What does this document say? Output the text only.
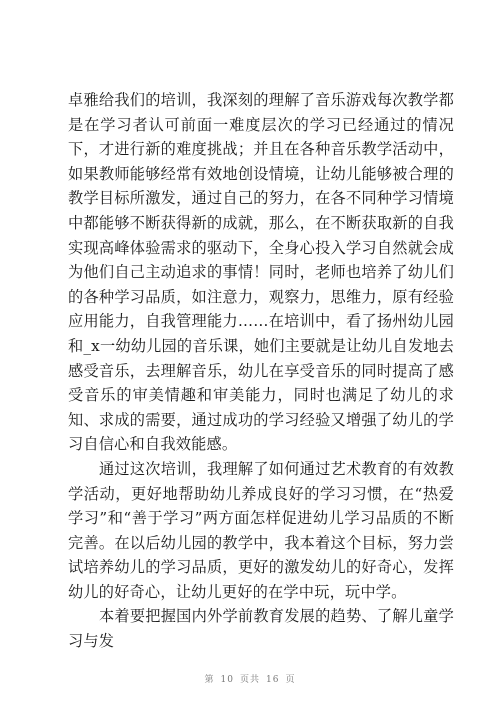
卓雅给我们的培训，我深刻的理解了音乐游戏每次教学都是在学习者认可前面一难度层次的学习已经通过的情况下，才进行新的难度挑战；并且在各种音乐教学活动中，如果教师能够经常有效地创设情境，让幼儿能够被合理的教学目标所激发，通过自己的努力，在各不同种学习情境中都能够不断获得新的成就，那么，在不断获取新的自我实现高峰体验需求的驱动下，全身心投入学习自然就会成为他们自己主动追求的事情！同时，老师也培养了幼儿们的各种学习品质，如注意力，观察力，思维力，原有经验应用能力，自我管理能力……在培训中，看了扬州幼儿园和_x一幼幼儿园的音乐课，她们主要就是让幼儿自发地去感受音乐，去理解音乐，幼儿在享受音乐的同时提高了感受音乐的审美情趣和审美能力，同时也满足了幼儿的求知、求成的需要，通过成功的学习经验又增强了幼儿的学习自信心和自我效能感。

通过这次培训，我理解了如何通过艺术教育的有效教学活动，更好地帮助幼儿养成良好的学习习惯，在“热爱学习”和“善于学习”两方面怎样促进幼儿学习品质的不断完善。在以后幼儿园的教学中，我本着这个目标，努力尝试培养幼儿的学习品质，更好的激发幼儿的好奇心，发挥幼儿的好奇心，让幼儿更好的在学中玩，玩中学。

本着要把握国内外学前教育发展的趋势、了解儿童学习与发

第 10 页共 16 页
